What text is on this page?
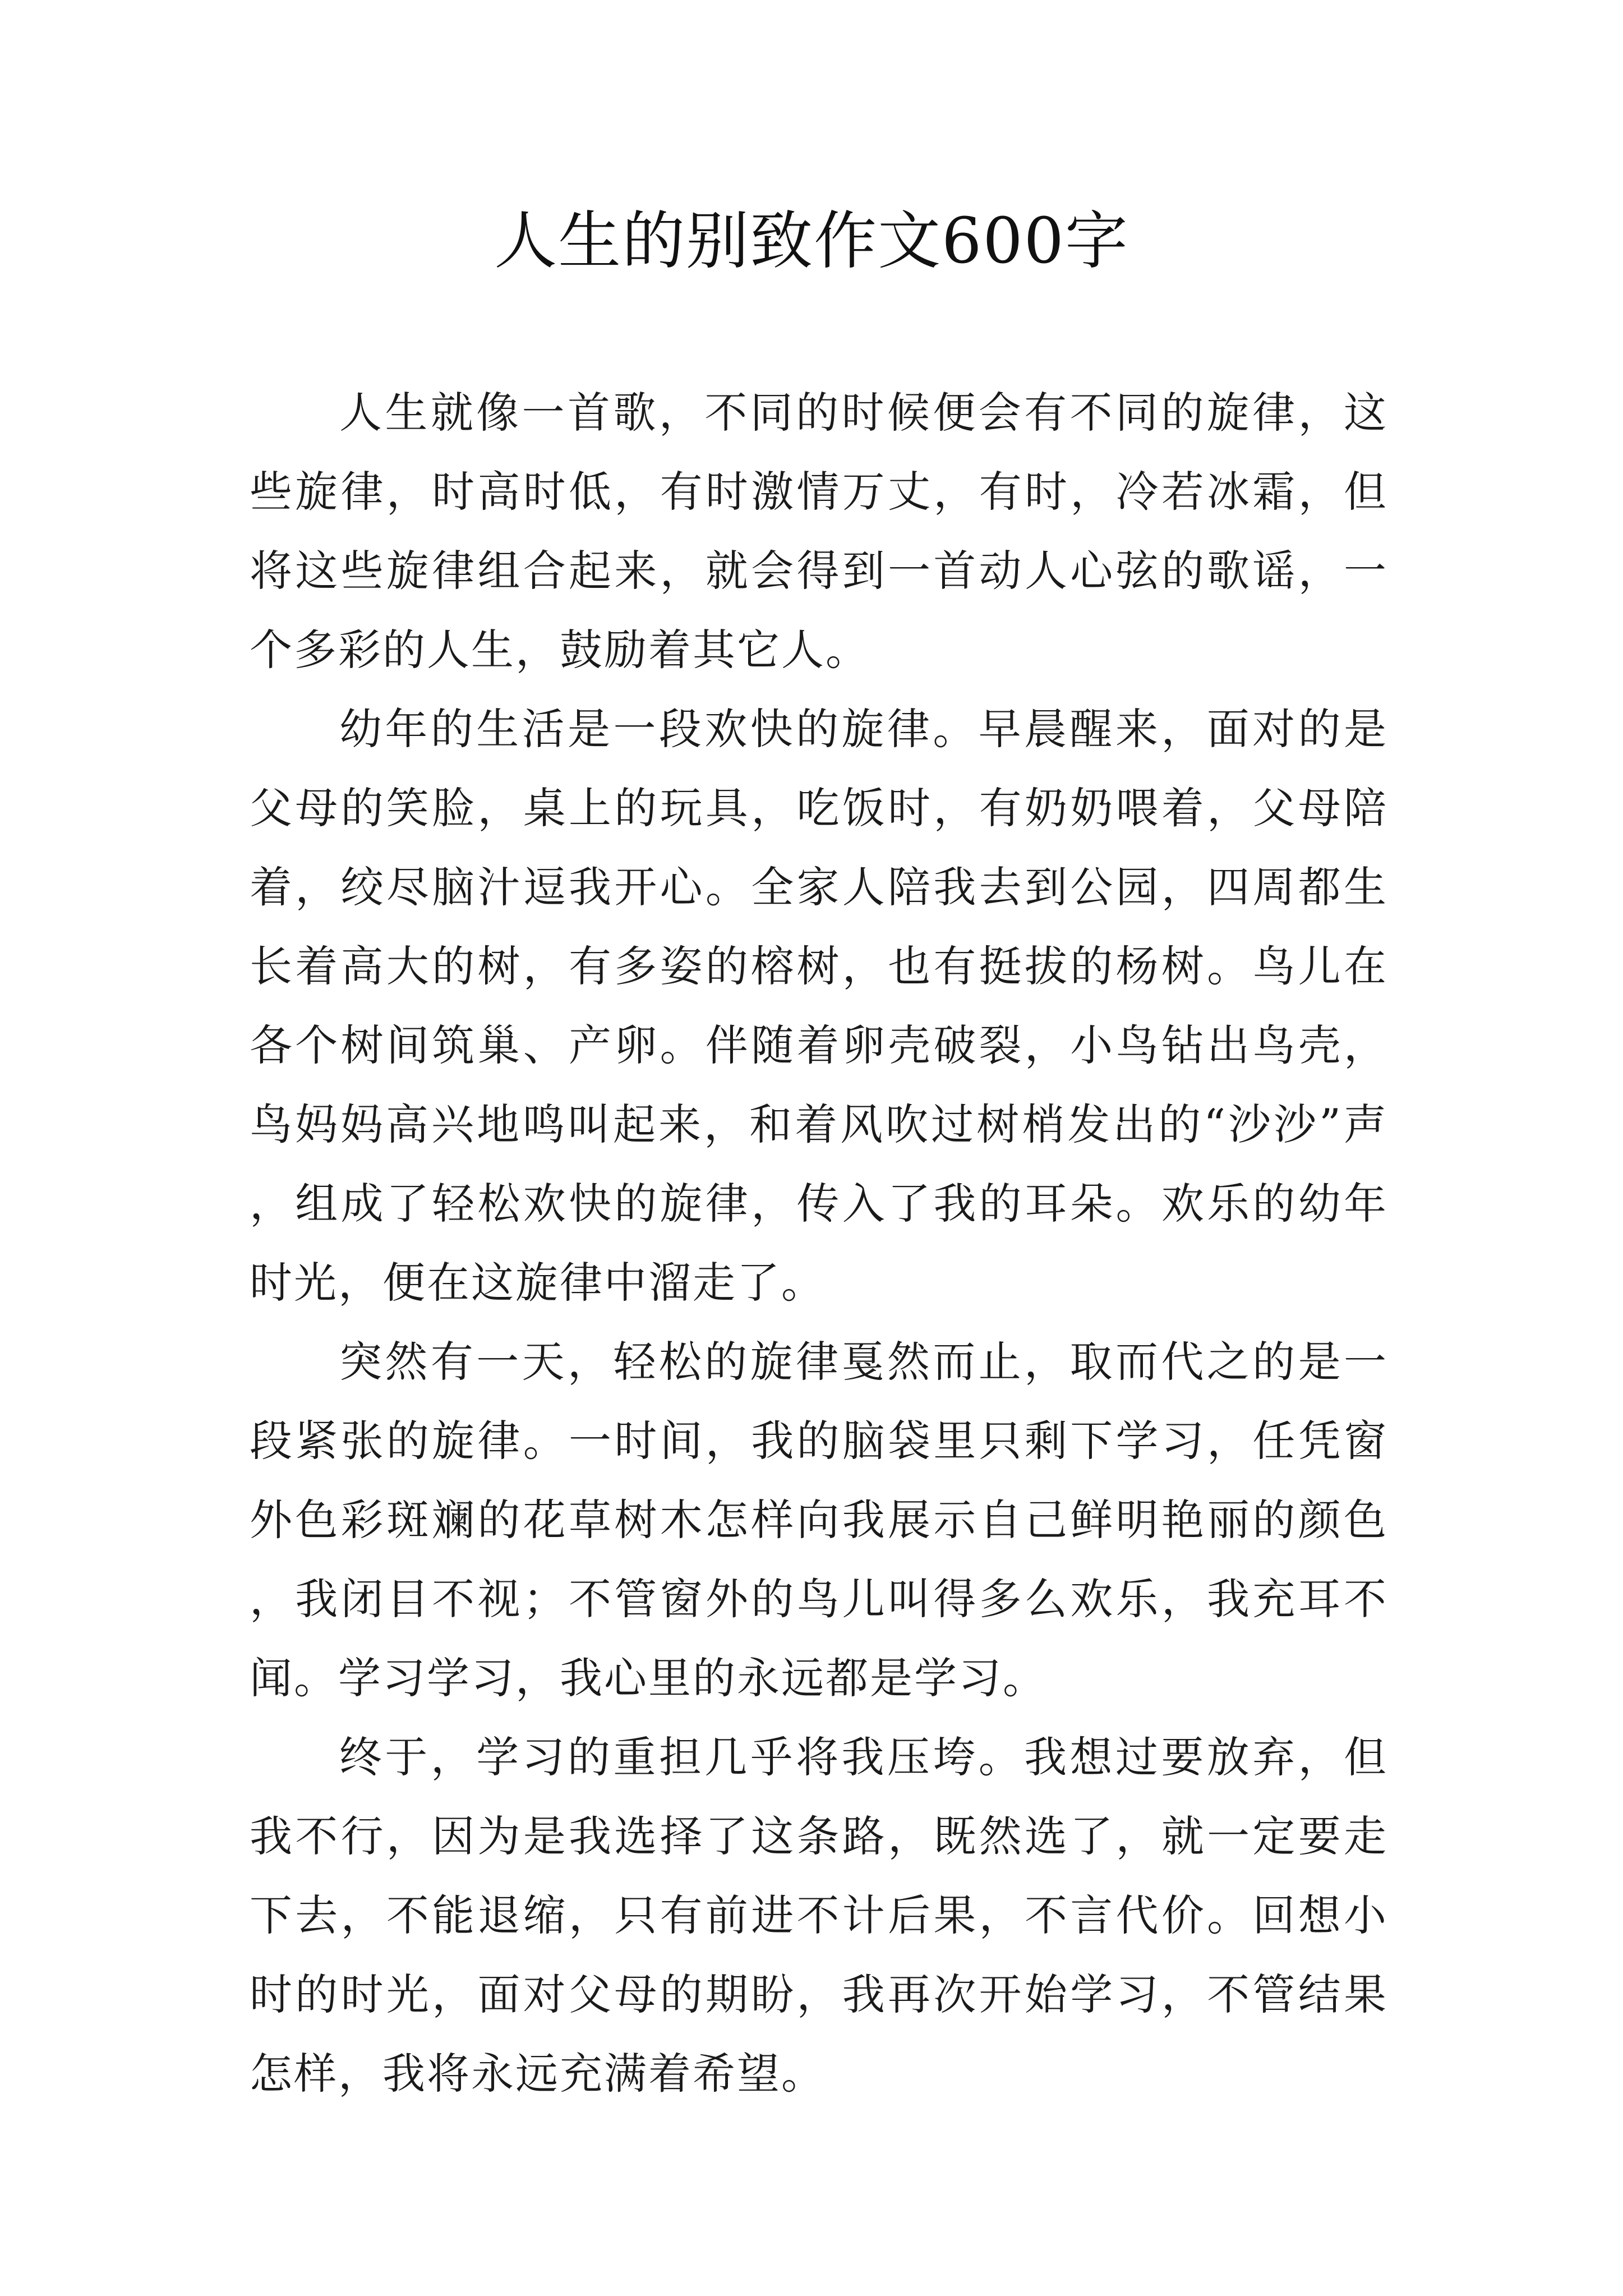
人生的别致作文600字

人生就像一首歌，不同的时候便会有不同的旋律，这些旋律，时高时低，有时激情万丈，有时，冷若冰霜，但将这些旋律组合起来，就会得到一首动人心弦的歌谣，一个多彩的人生，鼓励着其它人。

幼年的生活是一段欢快的旋律。早晨醒来，面对的是父母的笑脸，桌上的玩具，吃饭时，有奶奶喂着，父母陪着，绞尽脑汁逗我开心。全家人陪我去到公园，四周都生长着高大的树，有多姿的榕树，也有挺拔的杨树。鸟儿在各个树间筑巢、产卵。伴随着卵壳破裂，小鸟钻出鸟壳，鸟妈妈高兴地鸣叫起来，和着风吹过树梢发出的“沙沙”声，组成了轻松欢快的旋律，传入了我的耳朵。欢乐的幼年时光，便在这旋律中溜走了。

突然有一天，轻松的旋律戛然而止，取而代之的是一段紧张的旋律。一时间，我的脑袋里只剩下学习，任凭窗外色彩斑斓的花草树木怎样向我展示自己鲜明艳丽的颜色，我闭目不视；不管窗外的鸟儿叫得多么欢乐，我充耳不闻。学习学习，我心里的永远都是学习。

终于，学习的重担几乎将我压垮。我想过要放弃，但我不行，因为是我选择了这条路，既然选了，就一定要走下去，不能退缩，只有前进不计后果，不言代价。回想小时的时光，面对父母的期盼，我再次开始学习，不管结果怎样，我将永远充满着希望。
